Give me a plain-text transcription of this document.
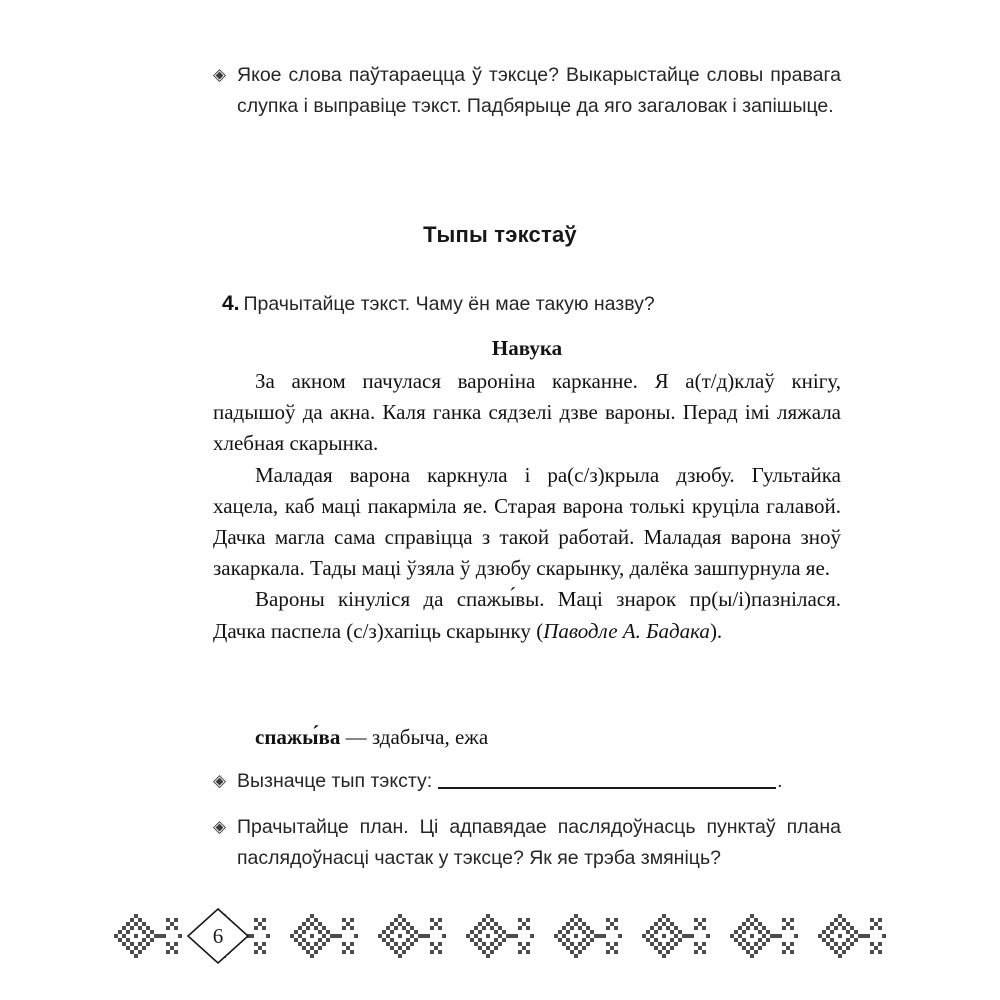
◈ Якое слова паўтараецца ў тэксце? Выкарыстайце словы правага слупка і выправіце тэкст. Падбярыце да яго загаловак і запішыце.
Тыпы тэкстаў
4. Прачытайце тэкст. Чаму ён мае такую назву?
Навука

За акном пачулася вароніна карканне. Я а(т/д)клаў кнігу, падышоў да акна. Каля ганка сядзелі дзве вароны. Перад імі ляжала хлебная скарынка.

Маладая варона каркнула і ра(с/з)крыла дзюбу. Гультайка хацела, каб маці пакарміла яе. Старая варона толькі круціла галавой. Дачка магла сама справіцца з такой работай. Маладая варона зноў закаркала. Тады маці ўзяла ў дзюбу скарынку, далёка зашпурнула яе.

Вароны кінуліся да спажы́вы. Маці знарок пр(ы/і)пазнілася. Дачка паспела (с/з)хапіць скарынку (Паводле А. Бадака).

спажы́ва — здабыча, ежа
◈ Вызначце тып тэксту:	.
◈ Прачытайце план. Ці адпавядае паслядоўнасць пунктаў плана паслядоўнасці частак у тэксце? Як яе трэба змяніць?
6
